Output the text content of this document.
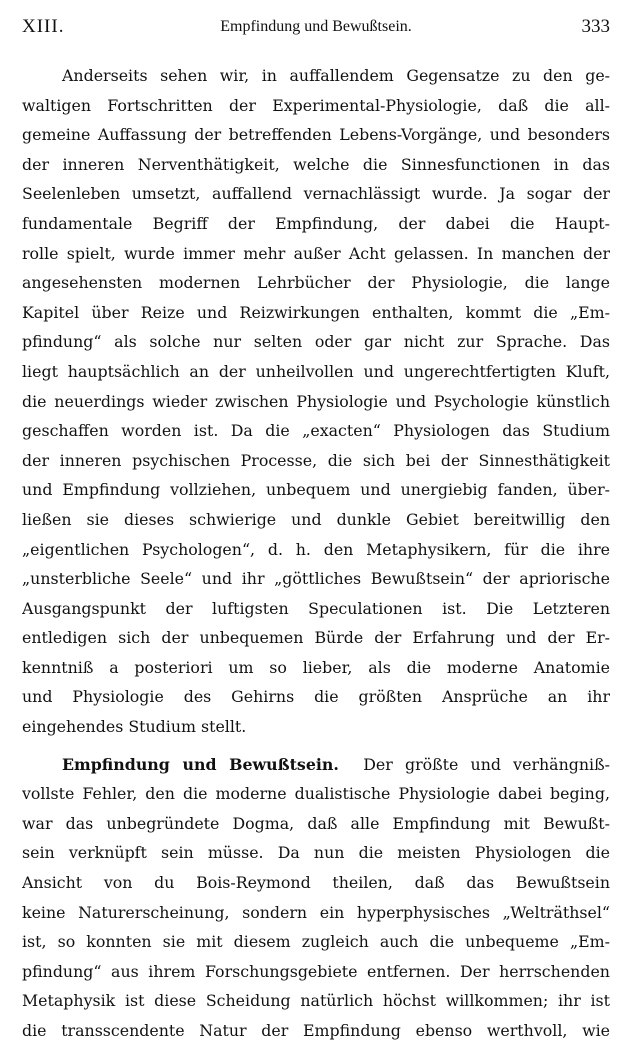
XIII.	Empfindung und Bewußtsein.	333
Anderseits sehen wir, in auffallendem Gegensatze zu den ge-
waltigen Fortschritten der Experimental-Physiologie, daß die all-
gemeine Auffassung der betreffenden Lebens-Vorgänge, und besonders
der inneren Nerventhätigkeit, welche die Sinnesfunctionen in das
Seelenleben umsetzt, auffallend vernachlässigt wurde. Ja sogar der
fundamentale Begriff der Empfindung, der dabei die Haupt-
rolle spielt, wurde immer mehr außer Acht gelassen. In manchen der
angesehensten modernen Lehrbücher der Physiologie, die lange
Kapitel über Reize und Reizwirkungen enthalten, kommt die „Em-
pfindung“ als solche nur selten oder gar nicht zur Sprache. Das
liegt hauptsächlich an der unheilvollen und ungerechtfertigten Kluft,
die neuerdings wieder zwischen Physiologie und Psychologie künstlich
geschaffen worden ist. Da die „exacten“ Physiologen das Studium
der inneren psychischen Processe, die sich bei der Sinnesthätigkeit
und Empfindung vollziehen, unbequem und unergiebig fanden, über-
ließen sie dieses schwierige und dunkle Gebiet bereitwillig den
„eigentlichen Psychologen“, d. h. den Metaphysikern, für die ihre
„unsterbliche Seele“ und ihr „göttliches Bewußtsein“ der apriorische
Ausgangspunkt der luftigsten Speculationen ist. Die Letzteren
entledigen sich der unbequemen Bürde der Erfahrung und der Er-
kenntniß a posteriori um so lieber, als die moderne Anatomie
und Physiologie des Gehirns die größten Ansprüche an ihr
eingehendes Studium stellt.
Empfindung und Bewußtsein. Der größte und verhängniß-
vollste Fehler, den die moderne dualistische Physiologie dabei beging,
war das unbegründete Dogma, daß alle Empfindung mit Bewußt-
sein verknüpft sein müsse. Da nun die meisten Physiologen die
Ansicht von du Bois-Reymond theilen, daß das Bewußtsein
keine Naturerscheinung, sondern ein hyperphysisches „Welträthsel“
ist, so konnten sie mit diesem zugleich auch die unbequeme „Em-
pfindung“ aus ihrem Forschungsgebiete entfernen. Der herrschenden
Metaphysik ist diese Scheidung natürlich höchst willkommen; ihr ist
die transscendente Natur der Empfindung ebenso werthvoll, wie
